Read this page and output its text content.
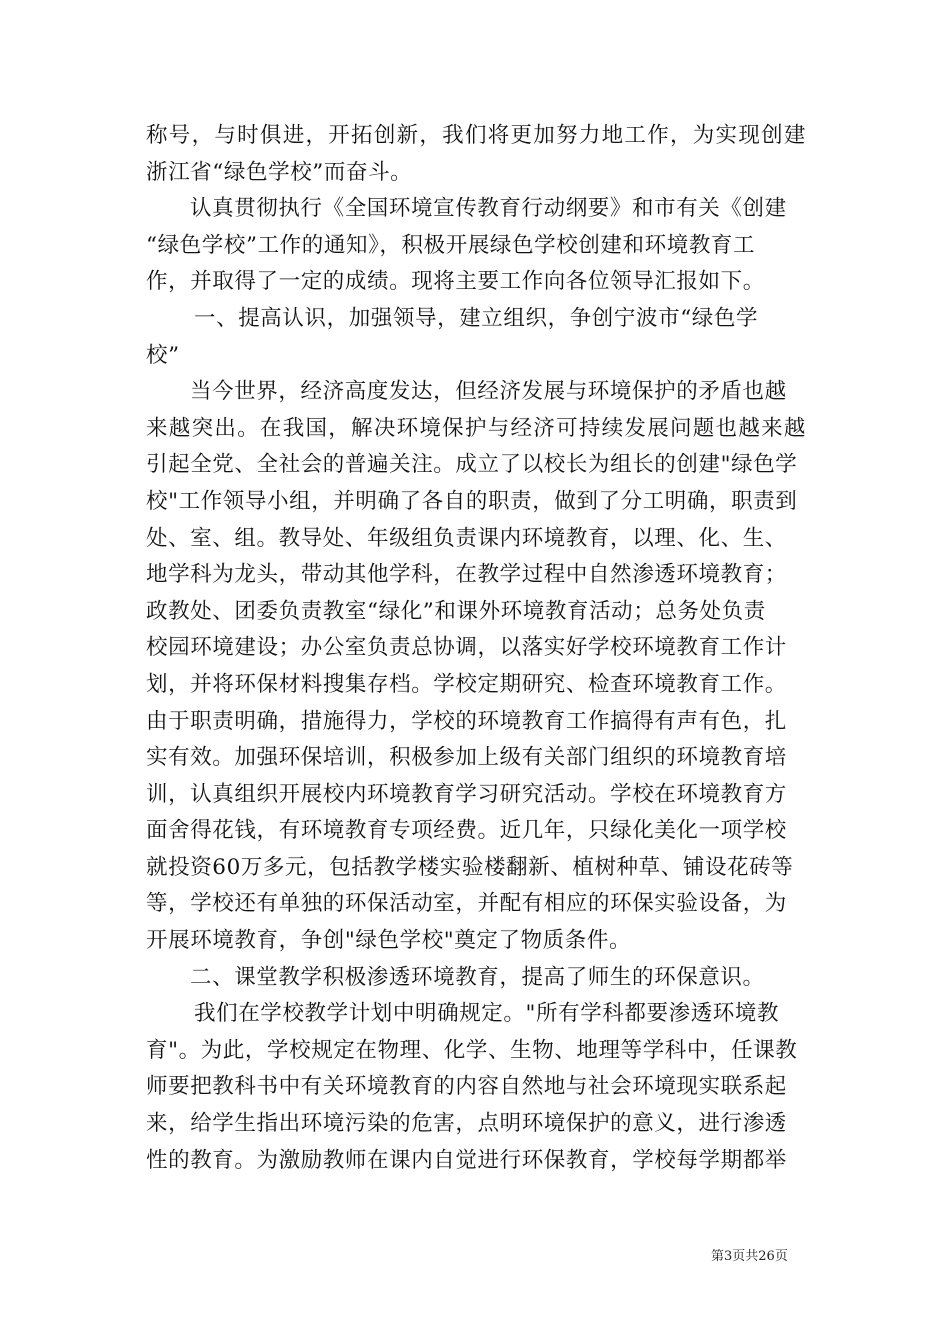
称号，与时俱进，开拓创新，我们将更加努力地工作，为实现创建
浙江省“绿色学校”而奋斗。
认真贯彻执行《全国环境宣传教育行动纲要》和市有关《创建
“绿色学校”工作的通知》，积极开展绿色学校创建和环境教育工
作，并取得了一定的成绩。现将主要工作向各位领导汇报如下。
一、提高认识，加强领导，建立组织，争创宁波市“绿色学
校”
当今世界，经济高度发达，但经济发展与环境保护的矛盾也越
来越突出。在我国，解决环境保护与经济可持续发展问题也越来越
引起全党、全社会的普遍关注。成立了以校长为组长的创建"绿色学
校"工作领导小组，并明确了各自的职责，做到了分工明确，职责到
处、室、组。教导处、年级组负责课内环境教育，以理、化、生、
地学科为龙头，带动其他学科，在教学过程中自然渗透环境教育；
政教处、团委负责教室“绿化”和课外环境教育活动；总务处负责
校园环境建设；办公室负责总协调，以落实好学校环境教育工作计
划，并将环保材料搜集存档。学校定期研究、检查环境教育工作。
由于职责明确，措施得力，学校的环境教育工作搞得有声有色，扎
实有效。加强环保培训，积极参加上级有关部门组织的环境教育培
训，认真组织开展校内环境教育学习研究活动。学校在环境教育方
面舍得花钱，有环境教育专项经费。近几年，只绿化美化一项学校
就投资60万多元，包括教学楼实验楼翻新、植树种草、铺设花砖等
等，学校还有单独的环保活动室，并配有相应的环保实验设备，为
开展环境教育，争创"绿色学校"奠定了物质条件。
二、课堂教学积极渗透环境教育，提高了师生的环保意识。
我们在学校教学计划中明确规定。"所有学科都要渗透环境教
育"。为此，学校规定在物理、化学、生物、地理等学科中，任课教
师要把教科书中有关环境教育的内容自然地与社会环境现实联系起
来，给学生指出环境污染的危害，点明环境保护的意义，进行渗透
性的教育。为激励教师在课内自觉进行环保教育，学校每学期都举
第3页共26页
